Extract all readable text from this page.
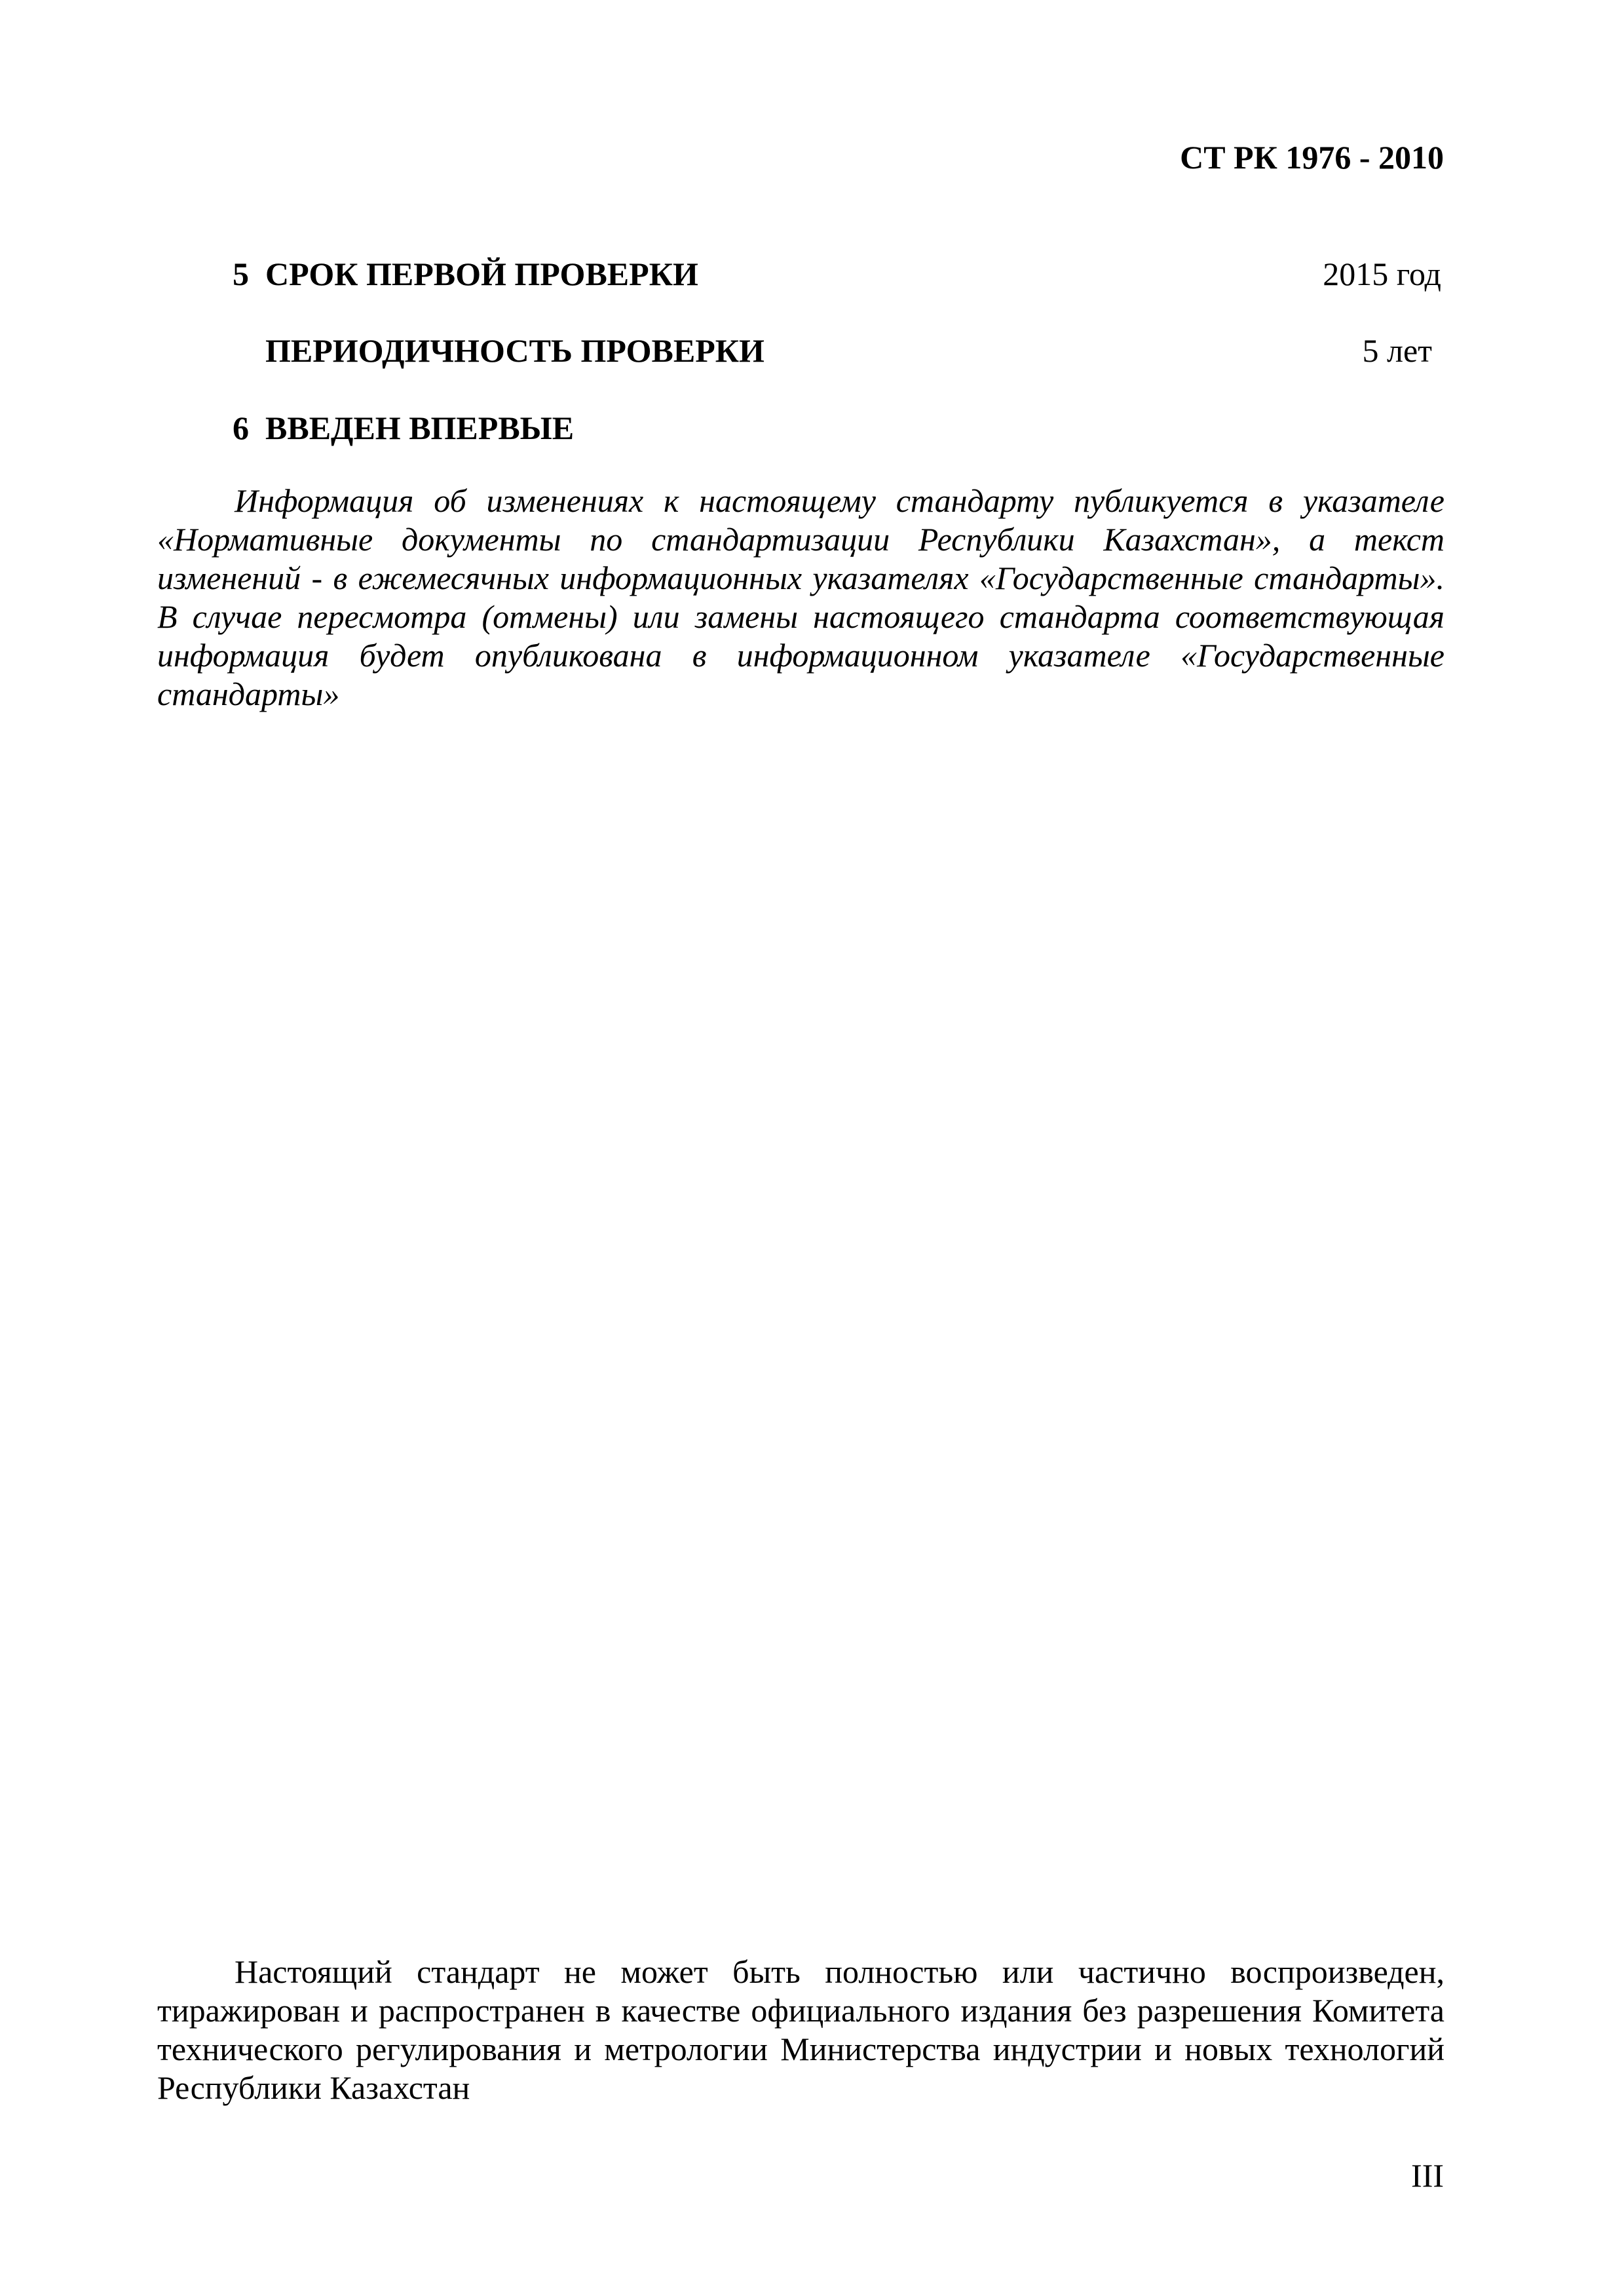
СТ РК 1976 - 2010
5 СРОК ПЕРВОЙ ПРОВЕРКИ	2015 год
ПЕРИОДИЧНОСТЬ ПРОВЕРКИ	5 лет
6 ВВЕДЕН ВПЕРВЫЕ

Информация об изменениях к настоящему стандарту публикуется в указателе «Нормативные документы по стандартизации Республики Казахстан», а текст изменений - в ежемесячных информационных указателях «Государственные стандарты». В случае пересмотра (отмены) или замены настоящего стандарта соответствующая информация будет опубликована в информационном указателе «Государственные стандарты»

Настоящий стандарт не может быть полностью или частично воспроизведен, тиражирован и распространен в качестве официального издания без разрешения Комитета технического регулирования и метрологии Министерства индустрии и новых технологий Республики Казахстан

III
